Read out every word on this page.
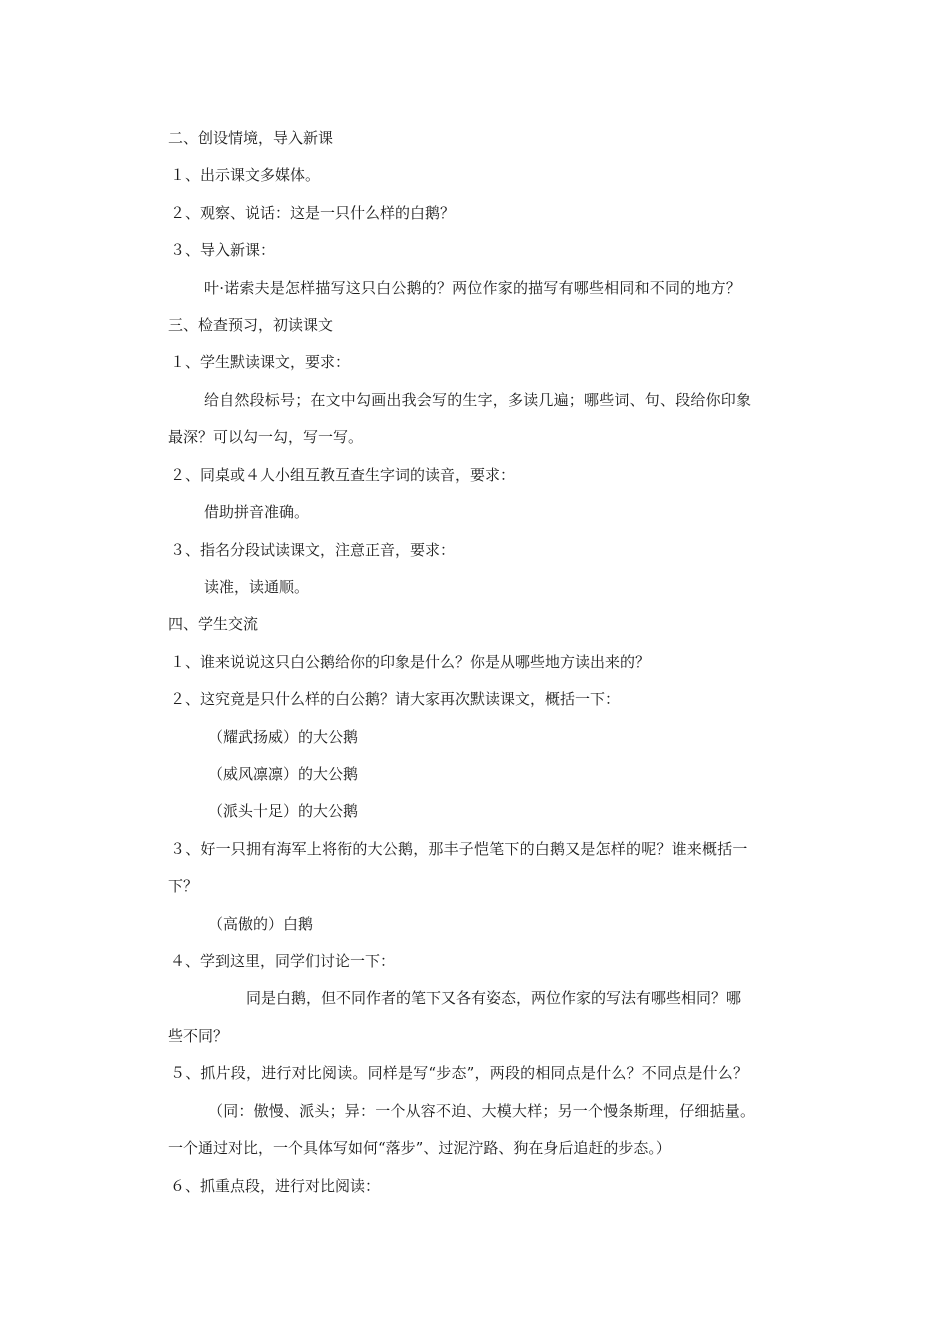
二、创设情境，导入新课
１、出示课文多媒体。
２、观察、说话：这是一只什么样的白鹅？
３、导入新课：
叶·诺索夫是怎样描写这只白公鹅的？两位作家的描写有哪些相同和不同的地方？
三、检查预习，初读课文
１、学生默读课文，要求：
给自然段标号；在文中勾画出我会写的生字，多读几遍；哪些词、句、段给你印象
最深？可以勾一勾，写一写。
２、同桌或４人小组互教互查生字词的读音，要求：
借助拼音准确。
３、指名分段试读课文，注意正音，要求：
读准，读通顺。
四、学生交流
１、谁来说说这只白公鹅给你的印象是什么？你是从哪些地方读出来的？
２、这究竟是只什么样的白公鹅？请大家再次默读课文，概括一下：
（耀武扬威）的大公鹅
（威风凛凛）的大公鹅
（派头十足）的大公鹅
３、好一只拥有海军上将衔的大公鹅，那丰子恺笔下的白鹅又是怎样的呢？谁来概括一
下？
（高傲的）白鹅
４、学到这里，同学们讨论一下：
同是白鹅，但不同作者的笔下又各有姿态，两位作家的写法有哪些相同？哪
些不同？
５、抓片段，进行对比阅读。同样是写“步态”，两段的相同点是什么？不同点是什么？
（同：傲慢、派头；异：一个从容不迫、大模大样；另一个慢条斯理，仔细掂量。
一个通过对比，一个具体写如何“落步”、过泥泞路、狗在身后追赶的步态。）
６、抓重点段，进行对比阅读：
